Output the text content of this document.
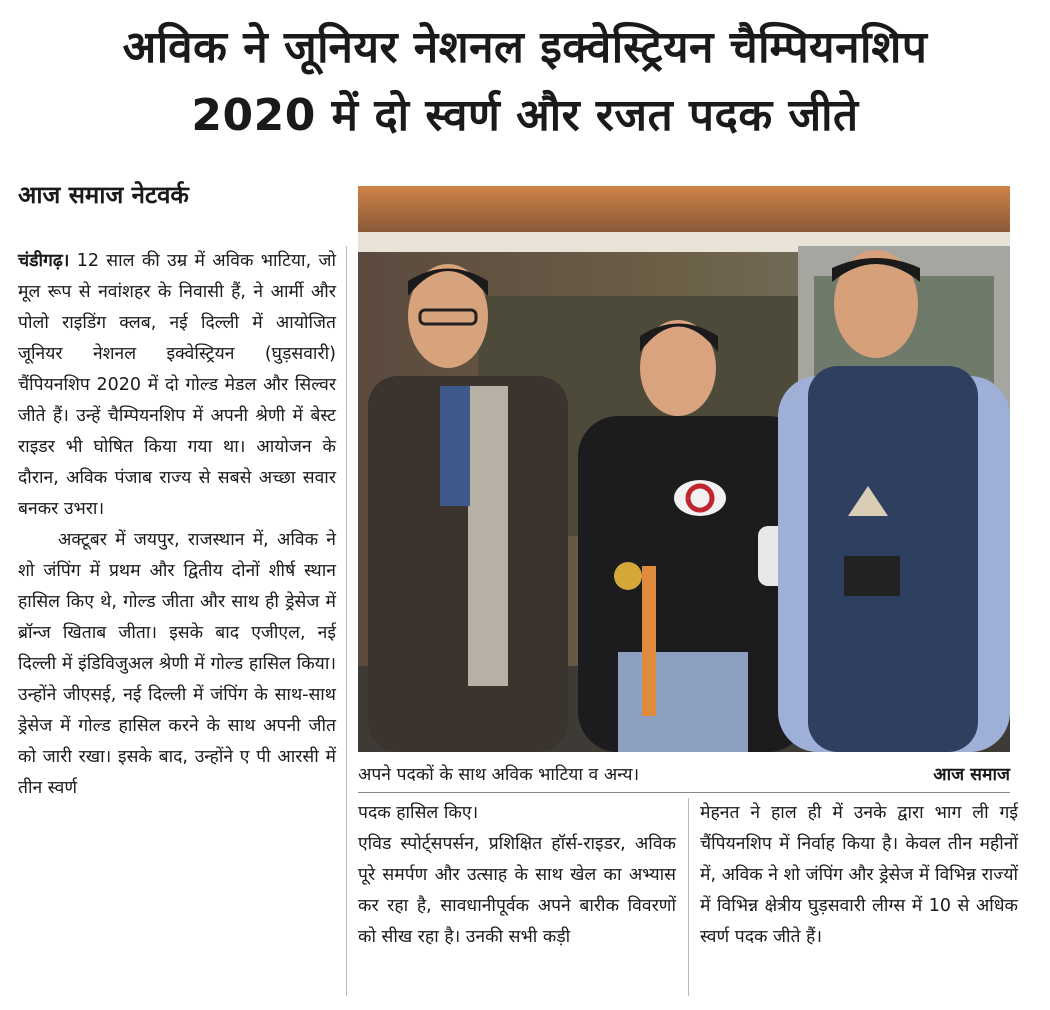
अविक ने जूनियर नेशनल इक्वेस्ट्रियन चैम्पियनशिप
2020 में दो स्वर्ण और रजत पदक जीते
आज समाज नेटवर्क

चंडीगढ़। 12 साल की उम्र में अविक भाटिया, जो मूल रूप से नवांशहर के निवासी हैं, ने आर्मी और पोलो राइडिंग क्लब, नई दिल्ली में आयोजित जूनियर नेशनल इक्वेस्ट्रियन (घुड़सवारी) चैंपियनशिप 2020 में दो गोल्ड मेडल और सिल्वर जीते हैं। उन्हें चैम्पियनशिप में अपनी श्रेणी में बेस्ट राइडर भी घोषित किया गया था। आयोजन के दौरान, अविक पंजाब राज्य से सबसे अच्छा सवार बनकर उभरा।

अक्टूबर में जयपुर, राजस्थान में, अविक ने शो जंपिंग में प्रथम और द्वितीय दोनों शीर्ष स्थान हासिल किए थे, गोल्ड जीता और साथ ही ड्रेसेज में ब्रॉन्ज खिताब जीता। इसके बाद एजीएल, नई दिल्ली में इंडिविजुअल श्रेणी में गोल्ड हासिल किया। उन्होंने जीएसई, नई दिल्ली में जंपिंग के साथ-साथ ड्रेसेज में गोल्ड हासिल करने के साथ अपनी जीत को जारी रखा। इसके बाद, उन्होंने ए पी आरसी में तीन स्वर्ण

अपने पदकों के साथ अविक भाटिया व अन्य।	आज समाज

पदक हासिल किए।

एविड स्पोर्ट्सपर्सन, प्रशिक्षित हॉर्स-राइडर, अविक पूरे समर्पण और उत्साह के साथ खेल का अभ्यास कर रहा है, सावधानीपूर्वक अपने बारीक विवरणों को सीख रहा है। उनकी सभी कड़ी

मेहनत ने हाल ही में उनके द्वारा भाग ली गई चैंपियनशिप में निर्वाह किया है। केवल तीन महीनों में, अविक ने शो जंपिंग और ड्रेसेज में विभिन्न राज्यों में विभिन्न क्षेत्रीय घुड़सवारी लीग्स में 10 से अधिक स्वर्ण पदक जीते हैं।
